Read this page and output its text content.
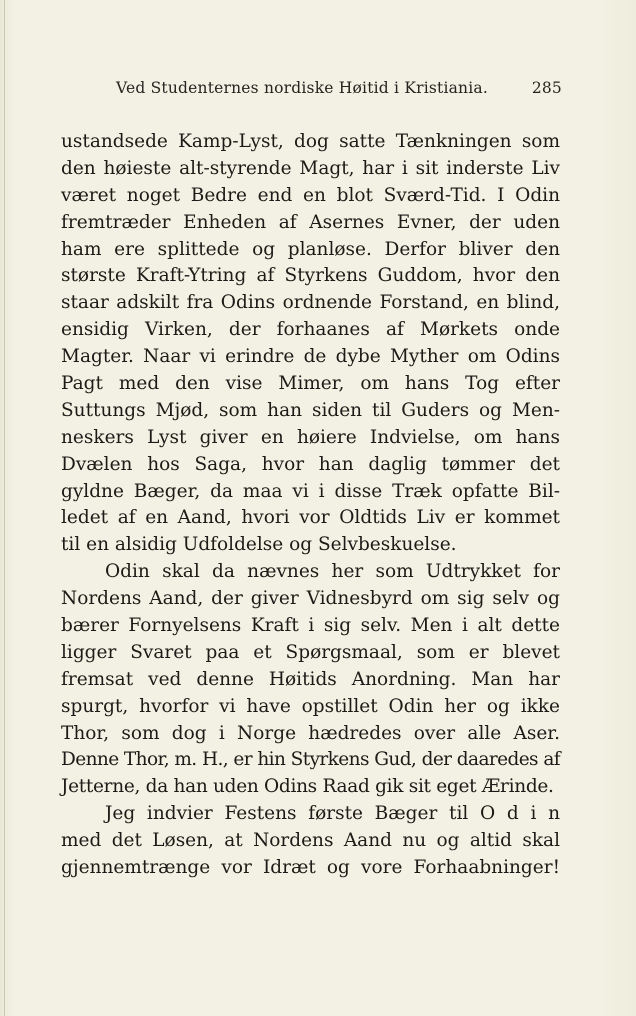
Ved Studenternes nordiske Høitid i Kristiania.	285
ustandsede Kamp-Lyst, dog satte Tænkningen som
den høieste alt-styrende Magt, har i sit inderste Liv
været noget Bedre end en blot Sværd-Tid. I Odin
fremtræder Enheden af Asernes Evner, der uden
ham ere splittede og planløse. Derfor bliver den
største Kraft-Ytring af Styrkens Guddom, hvor den
staar adskilt fra Odins ordnende Forstand, en blind,
ensidig Virken, der forhaanes af Mørkets onde
Magter. Naar vi erindre de dybe Myther om Odins
Pagt med den vise Mimer, om hans Tog efter
Suttungs Mjød, som han siden til Guders og Men-
neskers Lyst giver en høiere Indvielse, om hans
Dvælen hos Saga, hvor han daglig tømmer det
gyldne Bæger, da maa vi i disse Træk opfatte Bil-
ledet af en Aand, hvori vor Oldtids Liv er kommet
til en alsidig Udfoldelse og Selvbeskuelse.
Odin skal da nævnes her som Udtrykket for
Nordens Aand, der giver Vidnesbyrd om sig selv og
bærer Fornyelsens Kraft i sig selv. Men i alt dette
ligger Svaret paa et Spørgsmaal, som er blevet
fremsat ved denne Høitids Anordning. Man har
spurgt, hvorfor vi have opstillet Odin her og ikke
Thor, som dog i Norge hædredes over alle Aser.
Denne Thor, m. H., er hin Styrkens Gud, der daaredes af
Jetterne, da han uden Odins Raad gik sit eget Ærinde.
Jeg indvier Festens første Bæger til O d i n
med det Løsen, at Nordens Aand nu og altid skal
gjennemtrænge vor Idræt og vore Forhaabninger!
